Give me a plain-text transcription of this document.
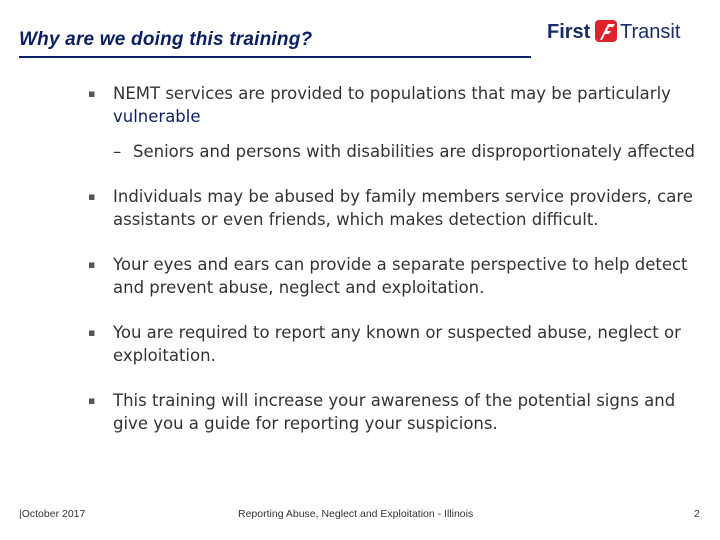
Why are we doing this training?	First Transit
▪ NEMT services are provided to populations that may be particularly
vulnerable
– Seniors and persons with disabilities are disproportionately affected
▪ Individuals may be abused by family members service providers, care assistants or even friends, which makes detection difficult.
▪ Your eyes and ears can provide a separate perspective to help detect and prevent abuse, neglect and exploitation.
▪ You are required to report any known or suspected abuse, neglect or exploitation.
▪ This training will increase your awareness of the potential signs and give you a guide for reporting your suspicions.
|October 2017	Reporting Abuse, Neglect and Exploitation - Illinois	2
